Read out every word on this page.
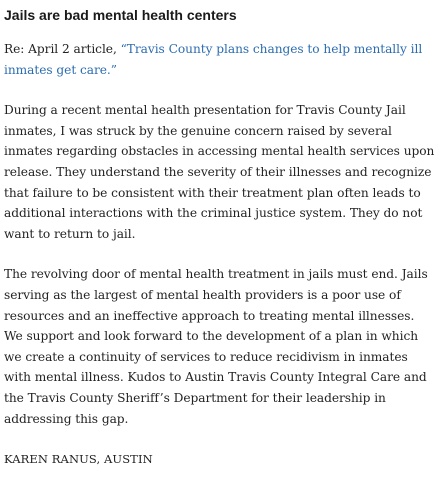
Jails are bad mental health centers

Re: April 2 article, “Travis County plans changes to help mentally ill inmates get care.”

During a recent mental health presentation for Travis County Jail inmates, I was struck by the genuine concern raised by several inmates regarding obstacles in accessing mental health services upon release. They understand the severity of their illnesses and recognize that failure to be consistent with their treatment plan often leads to additional interactions with the criminal justice system. They do not want to return to jail.

The revolving door of mental health treatment in jails must end. Jails serving as the largest of mental health providers is a poor use of resources and an ineffective approach to treating mental illnesses. We support and look forward to the development of a plan in which we create a continuity of services to reduce recidivism in inmates with mental illness. Kudos to Austin Travis County Integral Care and the Travis County Sheriff’s Department for their leadership in addressing this gap.

KAREN RANUS, AUSTIN
